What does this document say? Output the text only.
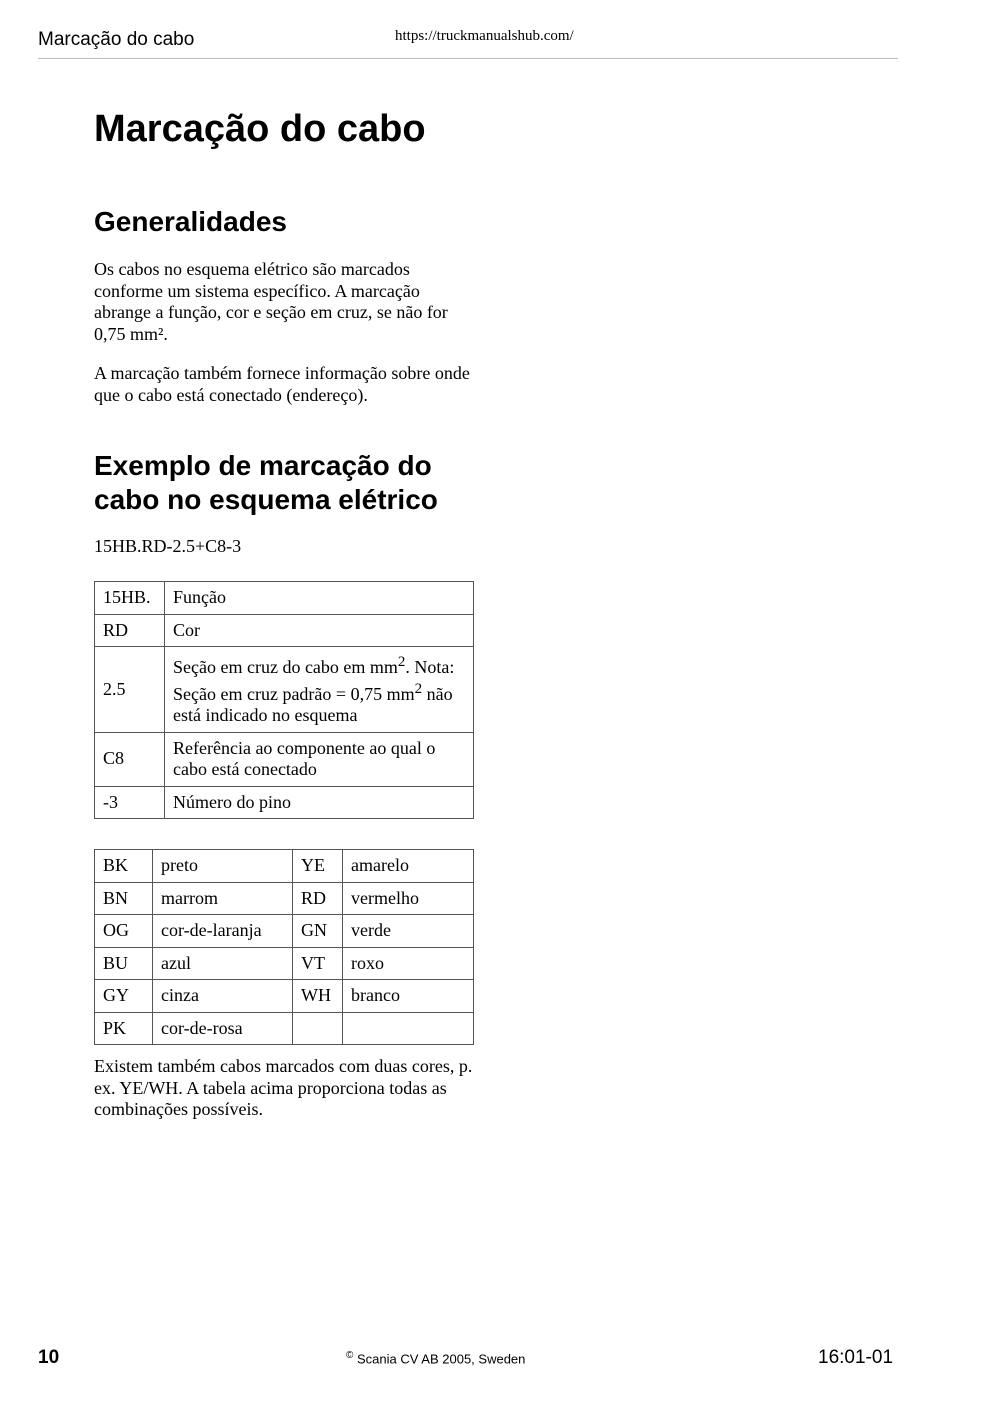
Marcação do cabo	https://truckmanualshub.com/
Marcação do cabo
Generalidades

Os cabos no esquema elétrico são marcados conforme um sistema específico. A marcação abrange a função, cor e seção em cruz, se não for 0,75 mm².

A marcação também fornece informação sobre onde que o cabo está conectado (endereço).

Exemplo de marcação do
cabo no esquema elétrico

15HB.RD-2.5+C8-3

15HB.	Função
RD	Cor
2.5	Seção em cruz do cabo em $mm^2$. Nota: Seção em cruz padrão = 0,75 $mm^2$ não está indicado no esquema
C8	Referência ao componente ao qual o cabo está conectado
-3	Número do pino
BK	preto	YE	amarelo
BN	marrom	RD	vermelho
OG	cor-de-laranja	GN	verde
BU	azul	VT	roxo
GY	cinza	WH	branco
PK	cor-de-rosa		

Existem também cabos marcados com duas cores, p. ex. YE/WH. A tabela acima proporciona todas as combinações possíveis.

10	© Scania CV AB 2005, Sweden	16:01-01
